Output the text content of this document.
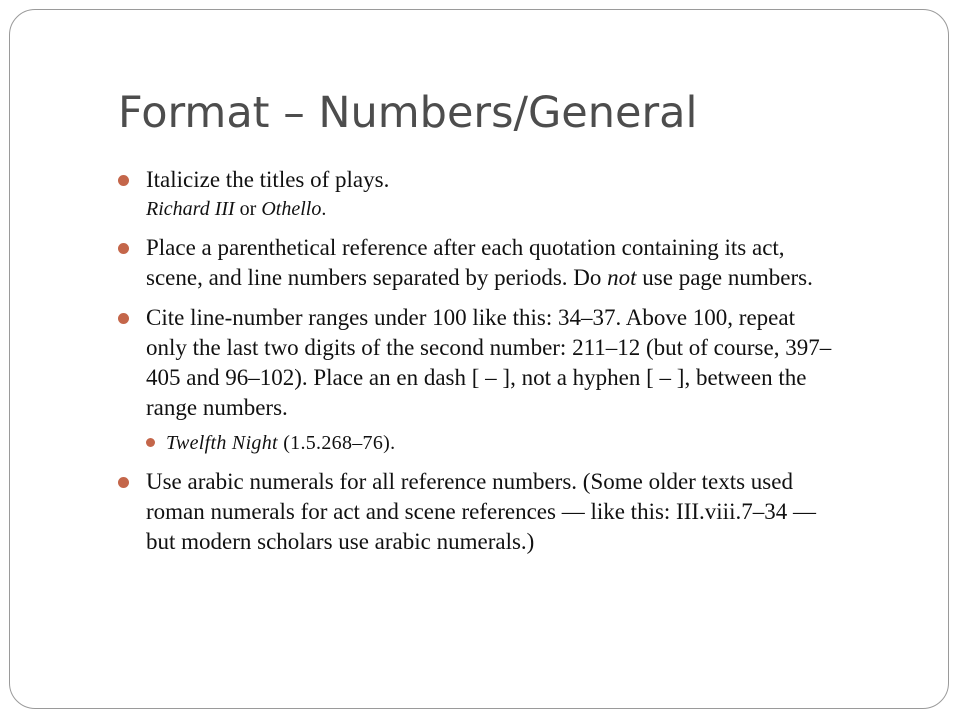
Format – Numbers/General
Italicize the titles of plays.
Richard III or Othello.
Place a parenthetical reference after each quotation containing its act, scene, and line numbers separated by periods. Do not use page numbers.
Cite line-number ranges under 100 like this: 34–37. Above 100, repeat only the last two digits of the second number: 211–12 (but of course, 397–405 and 96–102). Place an en dash [ – ], not a hyphen [ – ], between the range numbers.
Twelfth Night (1.5.268–76).
Use arabic numerals for all reference numbers. (Some older texts used roman numerals for act and scene references — like this: III.viii.7–34 — but modern scholars use arabic numerals.)
